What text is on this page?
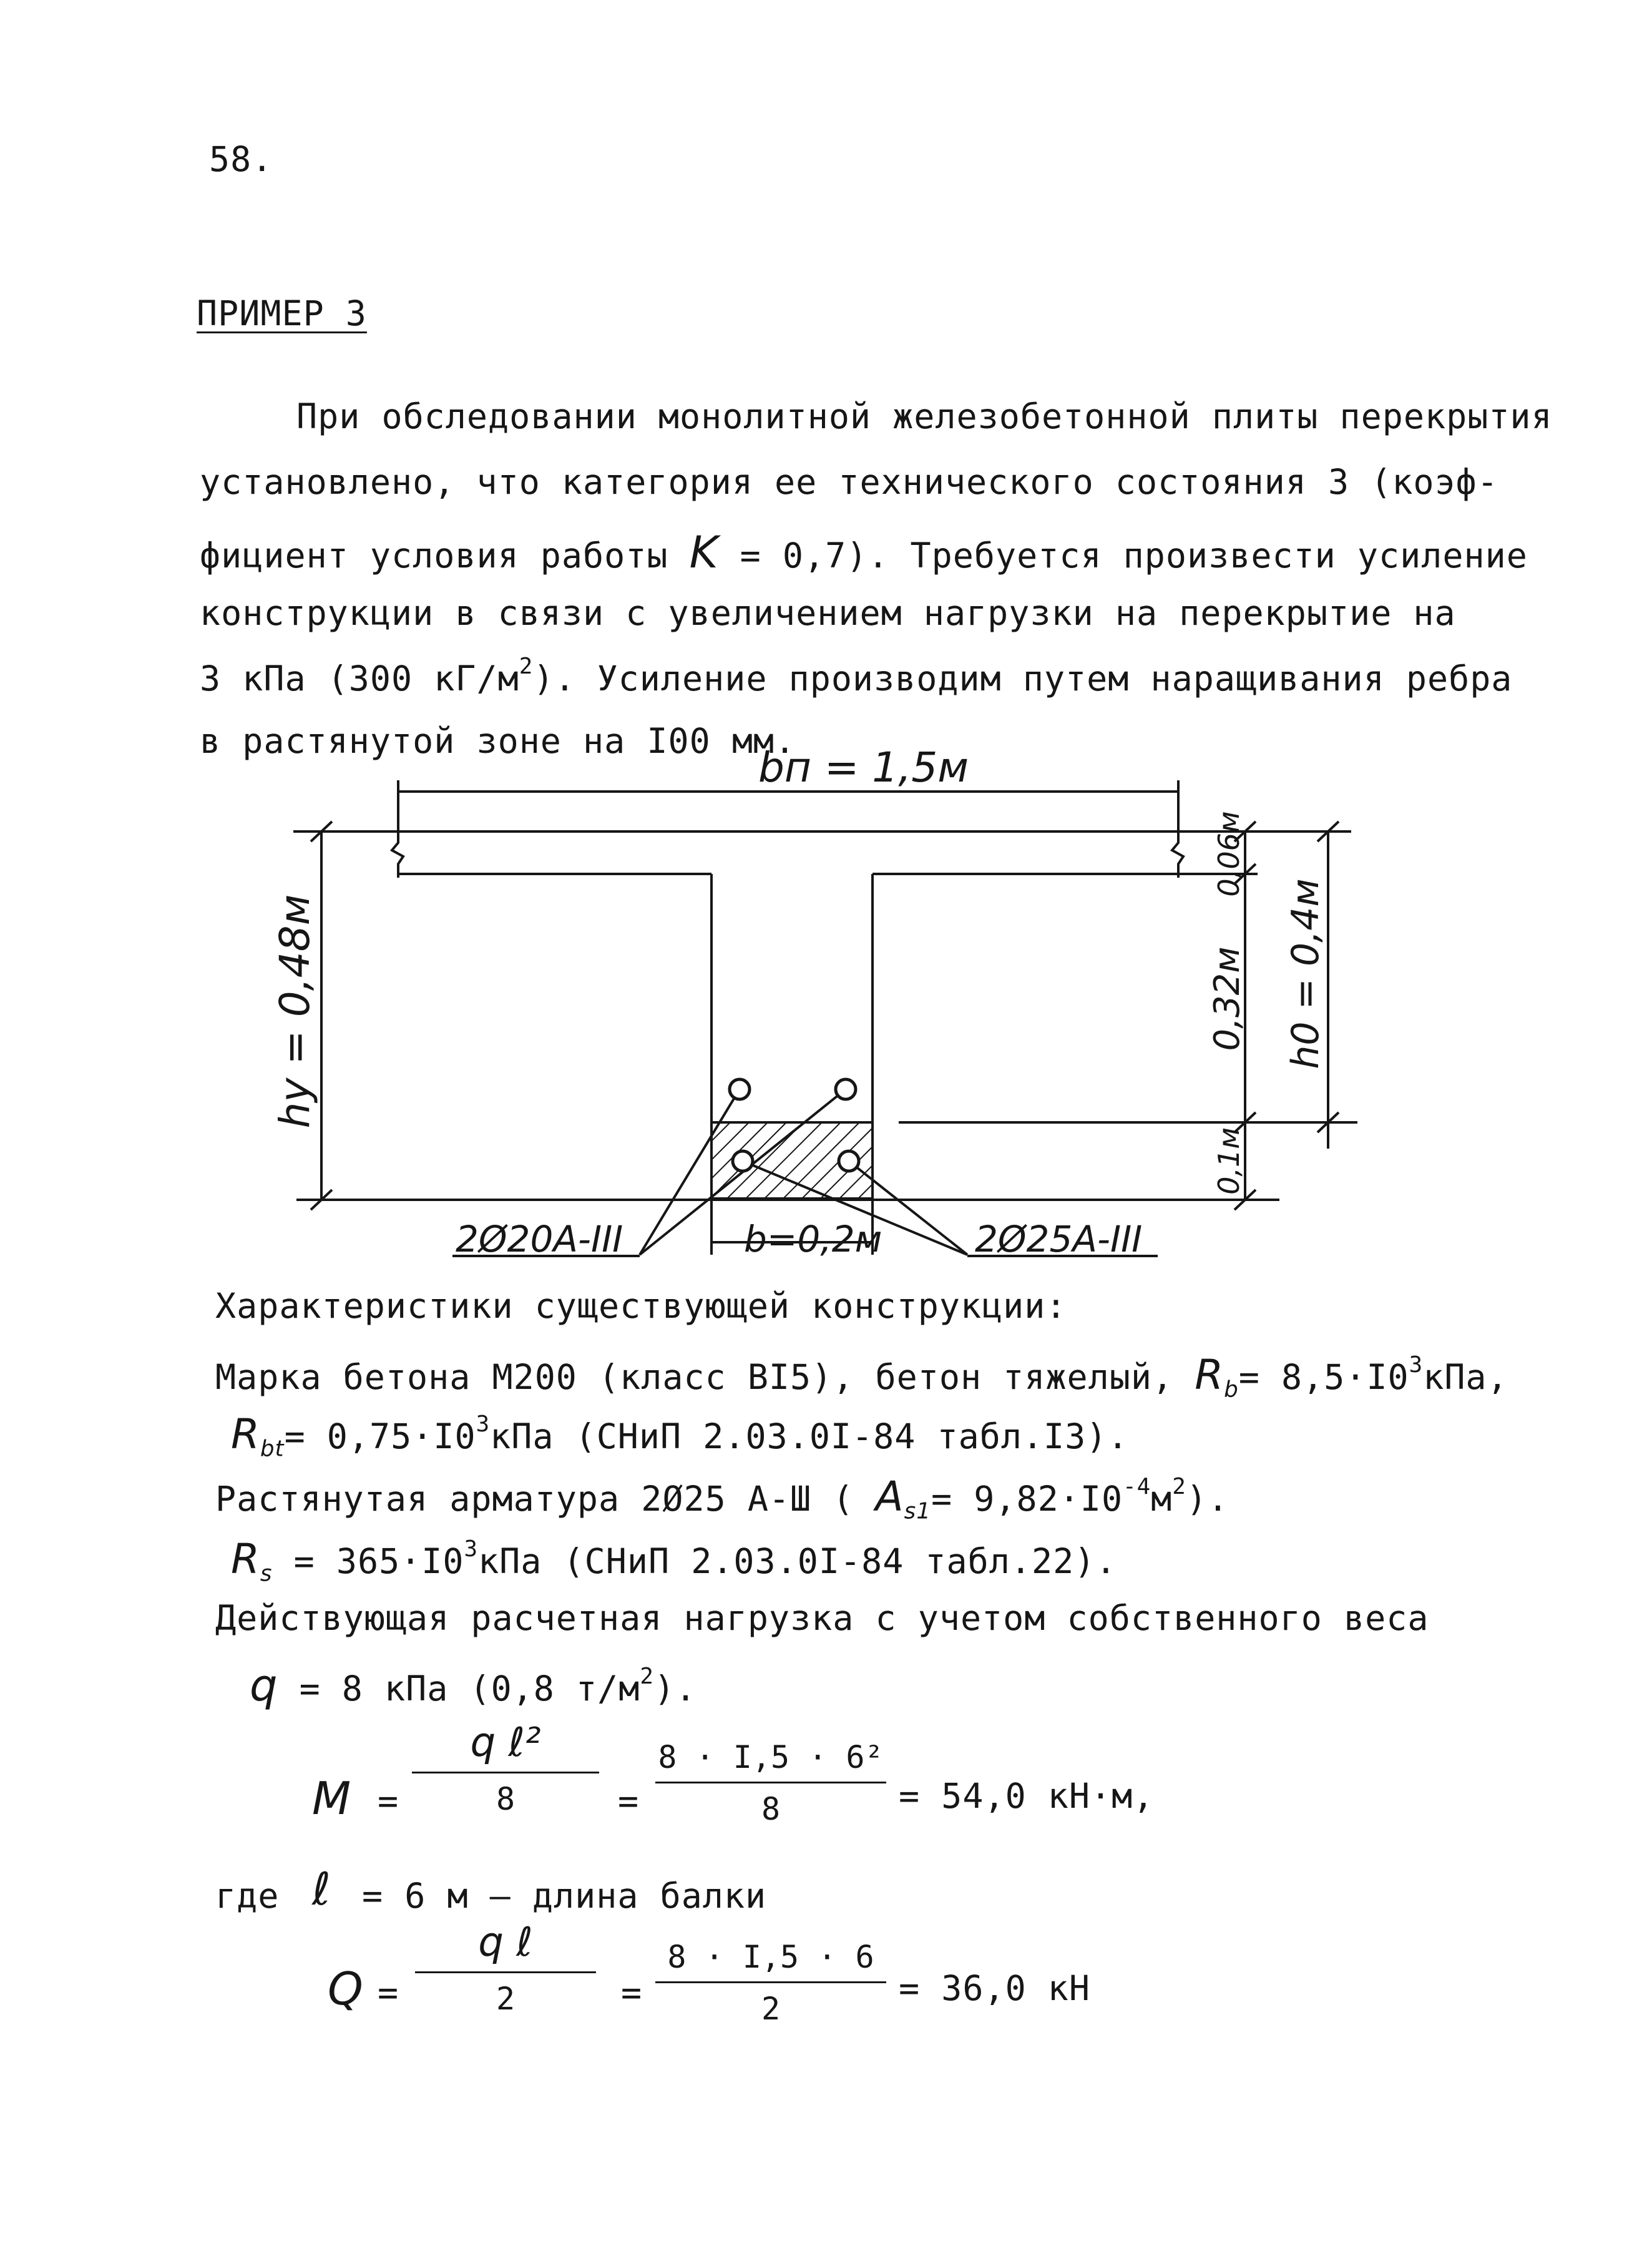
58.
ПРИМЕР 3
При обследовании монолитной железобетонной плиты перекрытия
установлено, что категория ее технического состояния 3 (коэф-
фициент условия работы K = 0,7). Требуется произвести усиление
конструкции в связи с увеличением нагрузки на перекрытие на
3 кПа (300 $кГ/м^2$). Усиление производим путем наращивания ребра
в растянутой зоне на I00 мм.
bп = 1,5м
hу = 0,48м
0,06м
0,32м
0,1м
h0 = 0,4м
b=0,2м
2Ø20A-III	2Ø25A-III
Характеристики существующей конструкции:
Марка бетона М200 (класс BI5), бетон тяжелый, $R_b= 8,5\cdot I0^3кПа$,
$R_{bt}= 0,75\cdot I0^3кПа$ (СНиП 2.03.0I-84 табл.I3).
Растянутая арматура 2Ø25 А-Ш ( $A_{s1}= 9,82\cdot I0^{-4}м^2$).
$R_s = 365\cdot I0^3кПа$ (СНиП 2.03.0I-84 табл.22).
Действующая расчетная нагрузка с учетом собственного веса
q = 8 кПа (0,8 $т/м^2$).
M =
q ℓ²
8	=
8 · I,5 · 6²
8	= 54,0 кН·м,
где ℓ = 6 м – длина балки
Q =
q ℓ
2	=
8 · I,5 · 6
2
= 36,0 кН
